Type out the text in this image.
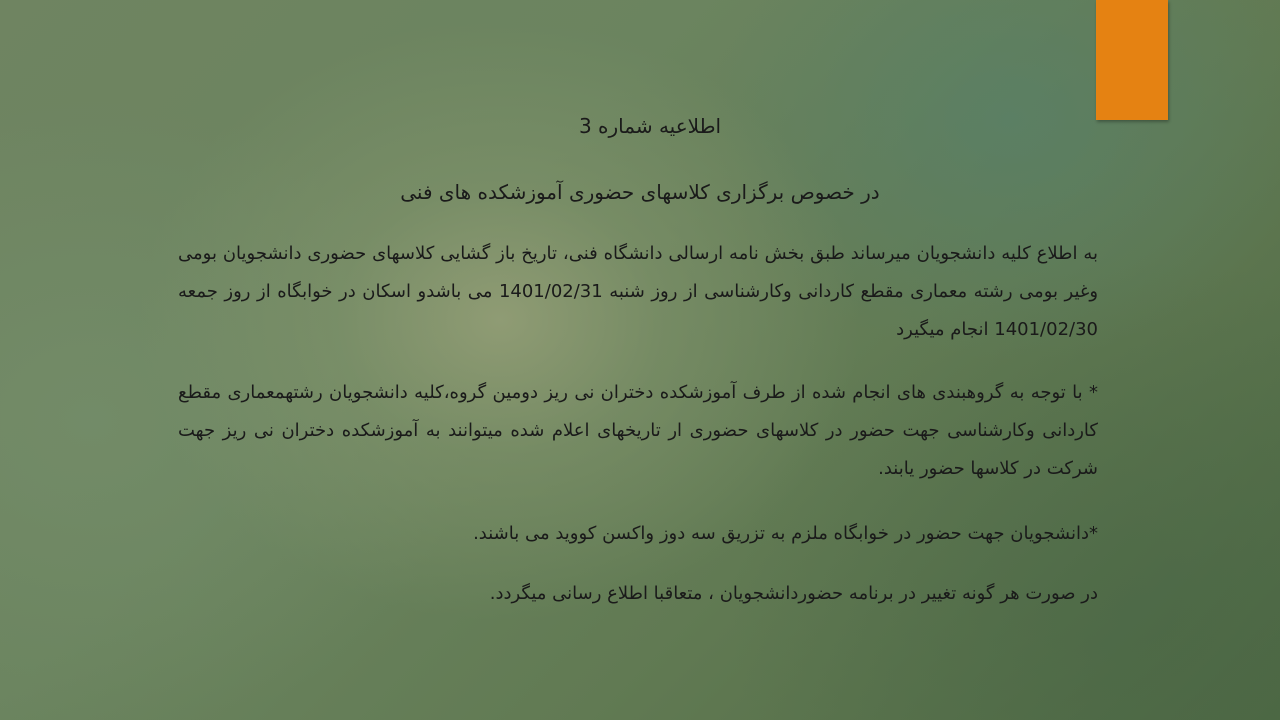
اطلاعیه شماره 3
در خصوص برگزاری کلاسهای حضوری آموزشکده های فنی
به اطلاع کلیه دانشجویان میرساند طبق بخش نامه ارسالی دانشگاه فنی، تاریخ باز گشایی کلاسهای حضوری دانشجویان بومی وغیر بومی رشته معماری مقطع کاردانی وکارشناسی از روز شنبه 1401/02/31 می باشدو اسکان در خوابگاه از روز جمعه 1401/02/30 انجام میگیرد
* با توجه به گروهبندی های انجام شده از طرف آموزشکده دختران نی ریز دومین گروه،کلیه دانشجویان رشتهمعماری مقطع کاردانی وکارشناسی جهت حضور در کلاسهای حضوری ار تاریخهای اعلام شده میتوانند به آموزشکده دختران نی ریز جهت شرکت در کلاسها حضور یابند.
*دانشجویان جهت حضور در خوابگاه ملزم به تزریق سه دوز واکسن کووید می باشند.
در صورت هر گونه تغییر در برنامه حضوردانشجویان ، متعاقبا اطلاع رسانی میگردد.
